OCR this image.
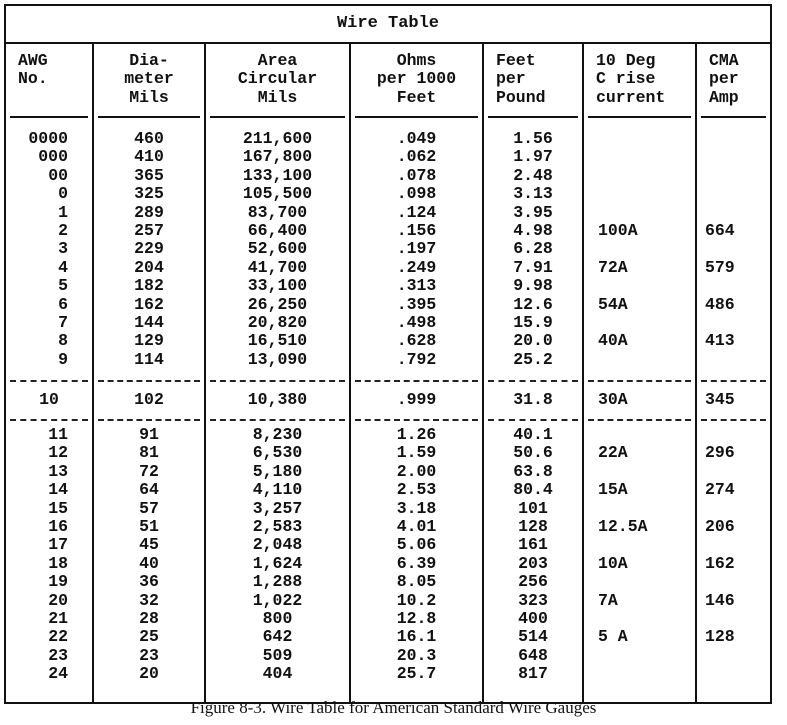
Wire Table
AWG
No.
0000
000
00
0
1
2
3
4
5
6
7
8
9
10
11
12
13
14
15
16
17
18
19
20
21
22
23
24
Dia-
meter
Mils
460
410
365
325
289
257
229
204
182
162
144
129
114
102
91
81
72
64
57
51
45
40
36
32
28
25
23
20
Area
Circular
Mils
211,600
167,800
133,100
105,500
83,700
66,400
52,600
41,700
33,100
26,250
20,820
16,510
13,090
10,380
8,230
6,530
5,180
4,110
3,257
2,583
2,048
1,624
1,288
1,022
800
642
509
404
Ohms
per 1000
Feet
.049
.062
.078
.098
.124
.156
.197
.249
.313
.395
.498
.628
.792
.999
1.26
1.59
2.00
2.53
3.18
4.01
5.06
6.39
8.05
10.2
12.8
16.1
20.3
25.7
Feet
per
Pound
1.56
1.97
2.48
3.13
3.95
4.98
6.28
7.91
9.98
12.6
15.9
20.0
25.2
31.8
40.1
50.6
63.8
80.4
101
128
161
203
256
323
400
514
648
817
10 Deg
C rise
current
100A
72A
54A
40A
30A
22A
15A
12.5A
10A
7A
5 A
CMA
per
Amp
664
579
486
413
345
296
274
206
162
146
128
Figure 8-3. Wire Table for American Standard Wire Gauges
